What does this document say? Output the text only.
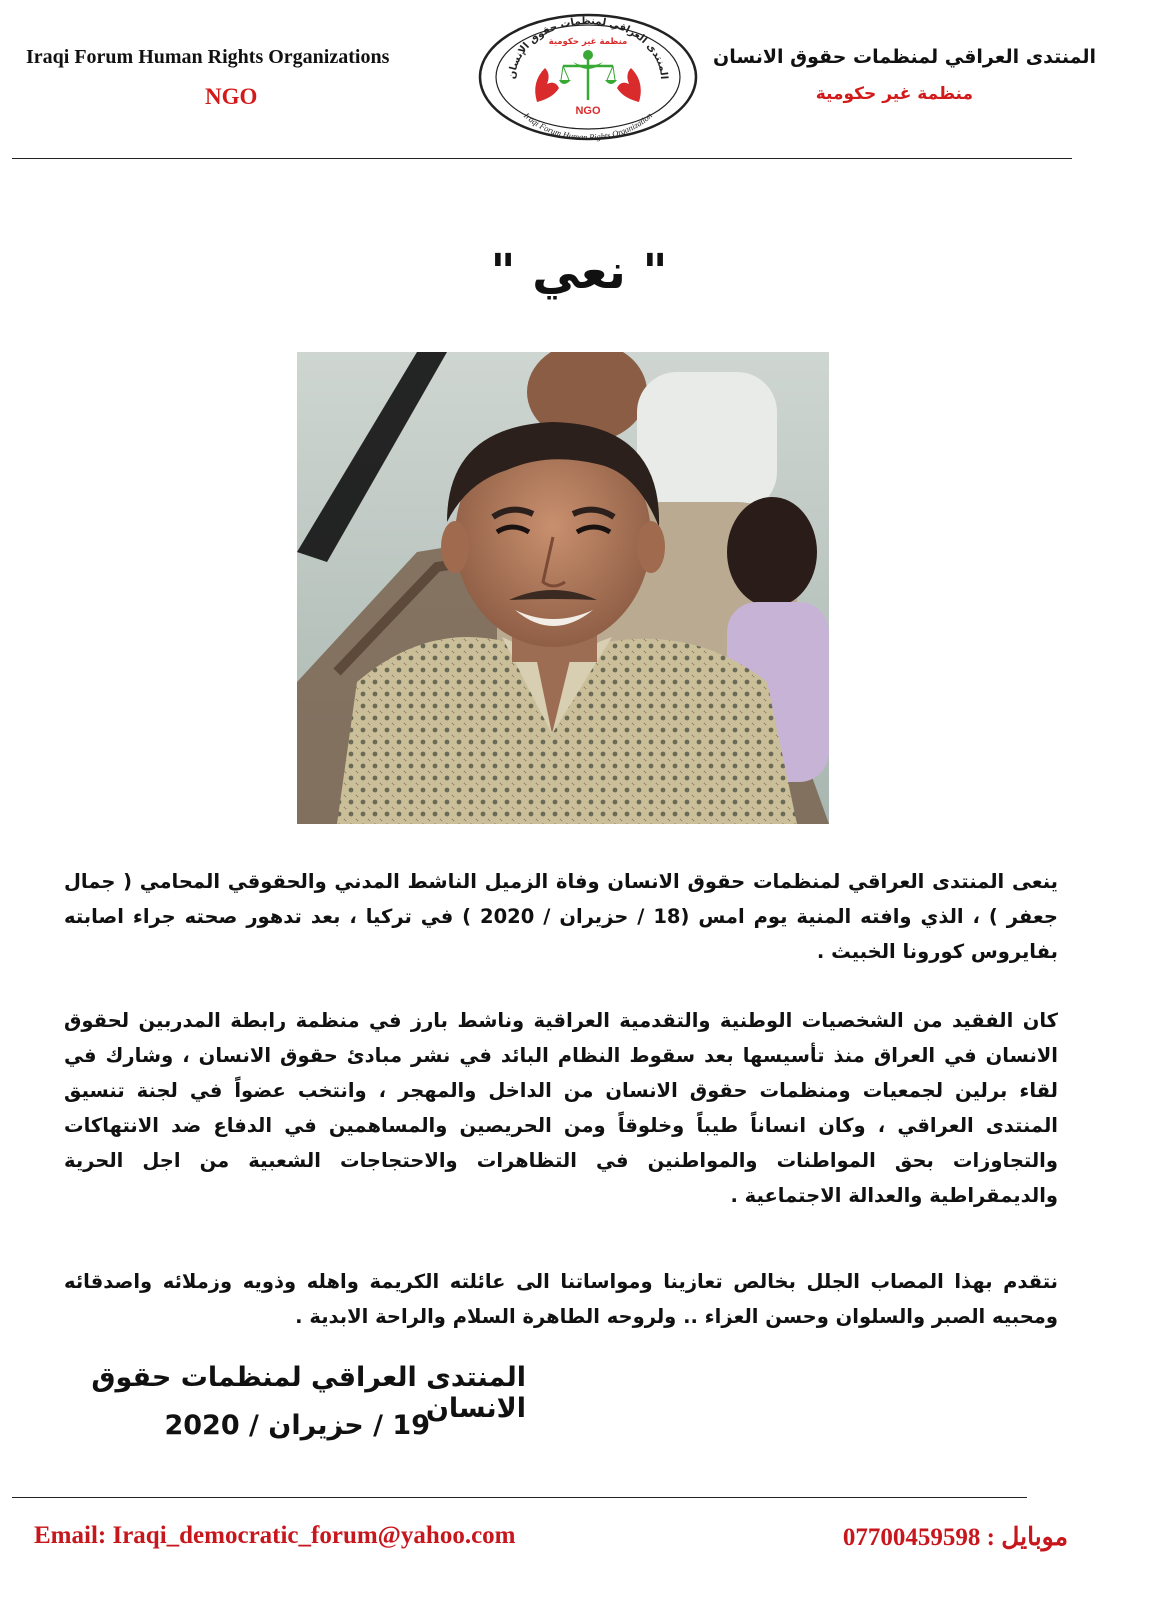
Iraqi Forum Human Rights Organizations
NGO
المنتدى العراقي لمنظمات حقوق الانسان
منظمة غير حكومية
المنتدى العراقي لمنظمات حقوق الإنسان
منظمة غير حكومية
NGO
Iraqi Forum Human Rights Organization
" نعي "
ينعى المنتدى العراقي لمنظمات حقوق الانسان وفاة الزميل الناشط المدني والحقوقي المحامي ( جمال جعفر ) ، الذي وافته المنية يوم امس (18 / حزيران / 2020 ) في تركيا ، بعد تدهور صحته جراء اصابته بفايروس كورونا الخبيث .
كان الفقيد من الشخصيات الوطنية والتقدمية العراقية وناشط بارز في منظمة رابطة المدربين لحقوق الانسان في العراق منذ تأسيسها بعد سقوط النظام البائد في نشر مبادئ حقوق الانسان ، وشارك في لقاء برلين لجمعيات ومنظمات حقوق الانسان من الداخل والمهجر ، وانتخب عضواً في لجنة تنسيق المنتدى العراقي ، وكان انساناً طيباً وخلوقاً ومن الحريصين والمساهمين في الدفاع ضد الانتهاكات والتجاوزات بحق المواطنات والمواطنين في التظاهرات والاحتجاجات الشعبية من اجل الحرية والديمقراطية والعدالة الاجتماعية .
نتقدم بهذا المصاب الجلل بخالص تعازينا ومواساتنا الى عائلته الكريمة واهله وذويه وزملائه واصدقائه ومحبيه الصبر والسلوان وحسن العزاء .. ولروحه الطاهرة السلام والراحة الابدية .
المنتدى العراقي لمنظمات حقوق الانسان
19 / حزيران / 2020
Email: Iraqi_democratic_forum@yahoo.com	موبايل : 07700459598
